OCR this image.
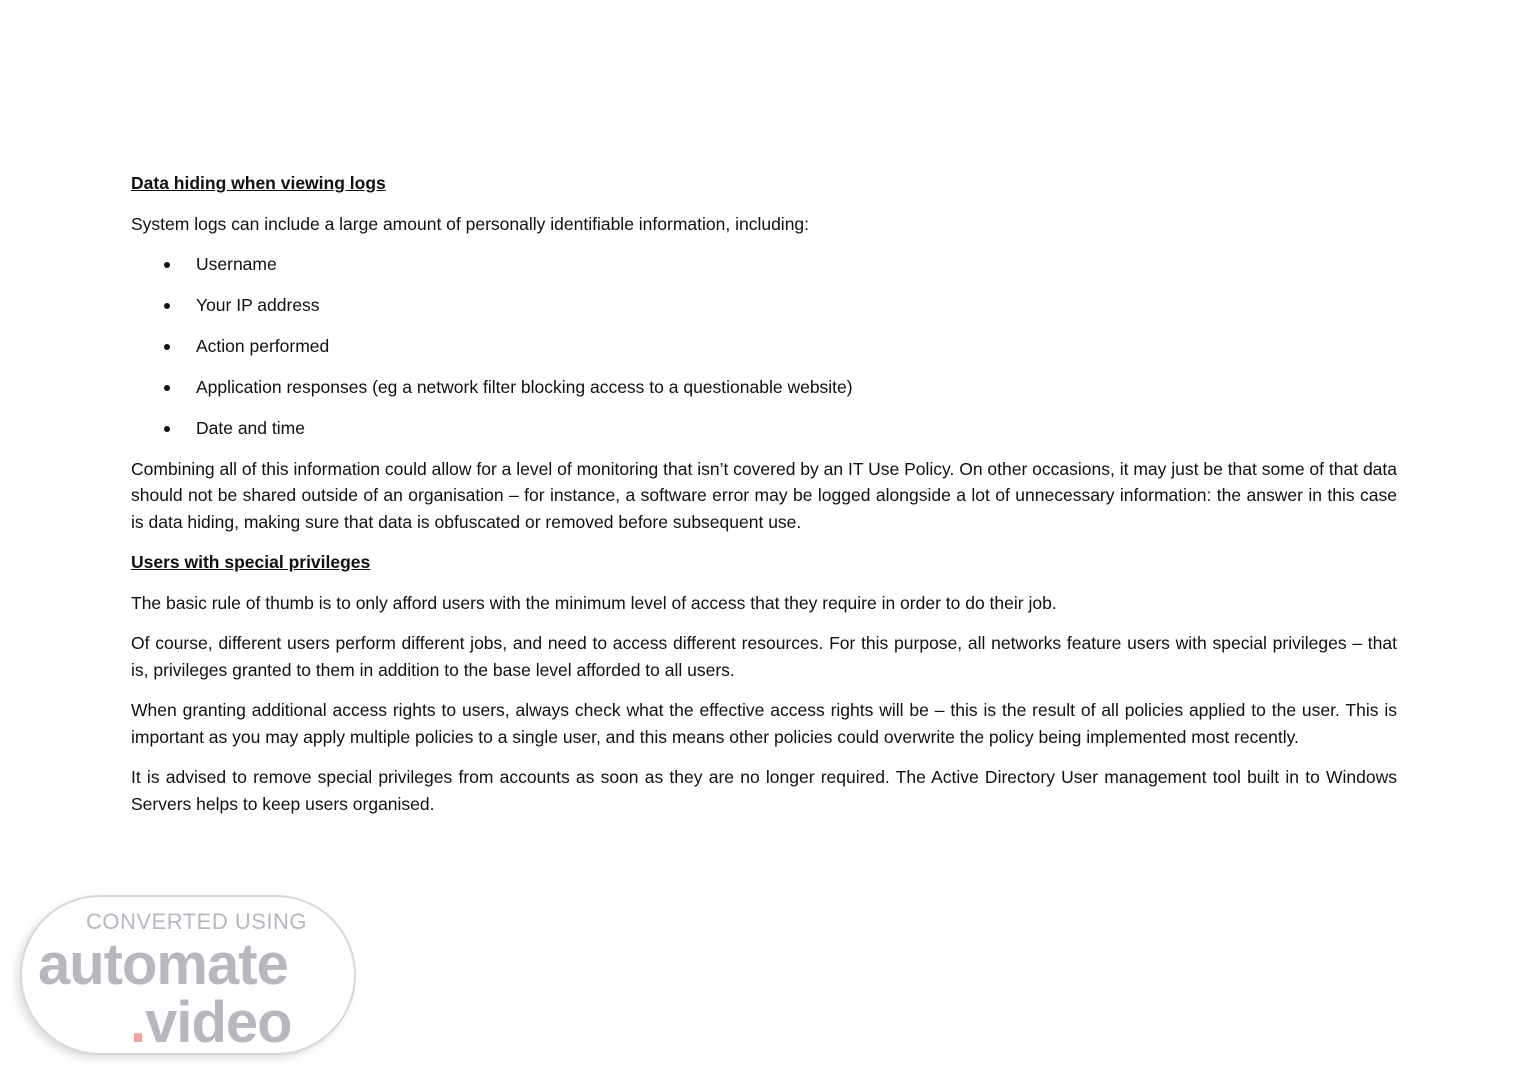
Data hiding when viewing logs
System logs can include a large amount of personally identifiable information, including:
Username
Your IP address
Action performed
Application responses (eg a network filter blocking access to a questionable website)
Date and time
Combining all of this information could allow for a level of monitoring that isn’t covered by an IT Use Policy. On other occasions, it may just be that some of that data should not be shared outside of an organisation – for instance, a software error may be logged alongside a lot of unnecessary information: the answer in this case is data hiding, making sure that data is obfuscated or removed before subsequent use.
Users with special privileges
The basic rule of thumb is to only afford users with the minimum level of access that they require in order to do their job.
Of course, different users perform different jobs, and need to access different resources. For this purpose, all networks feature users with special privileges – that is, privileges granted to them in addition to the base level afforded to all users.
When granting additional access rights to users, always check what the effective access rights will be – this is the result of all policies applied to the user. This is important as you may apply multiple policies to a single user, and this means other policies could overwrite the policy being implemented most recently.
It is advised to remove special privileges from accounts as soon as they are no longer required. The Active Directory User management tool built in to Windows Servers helps to keep users organised.
CONVERTED USING
automate
.video
